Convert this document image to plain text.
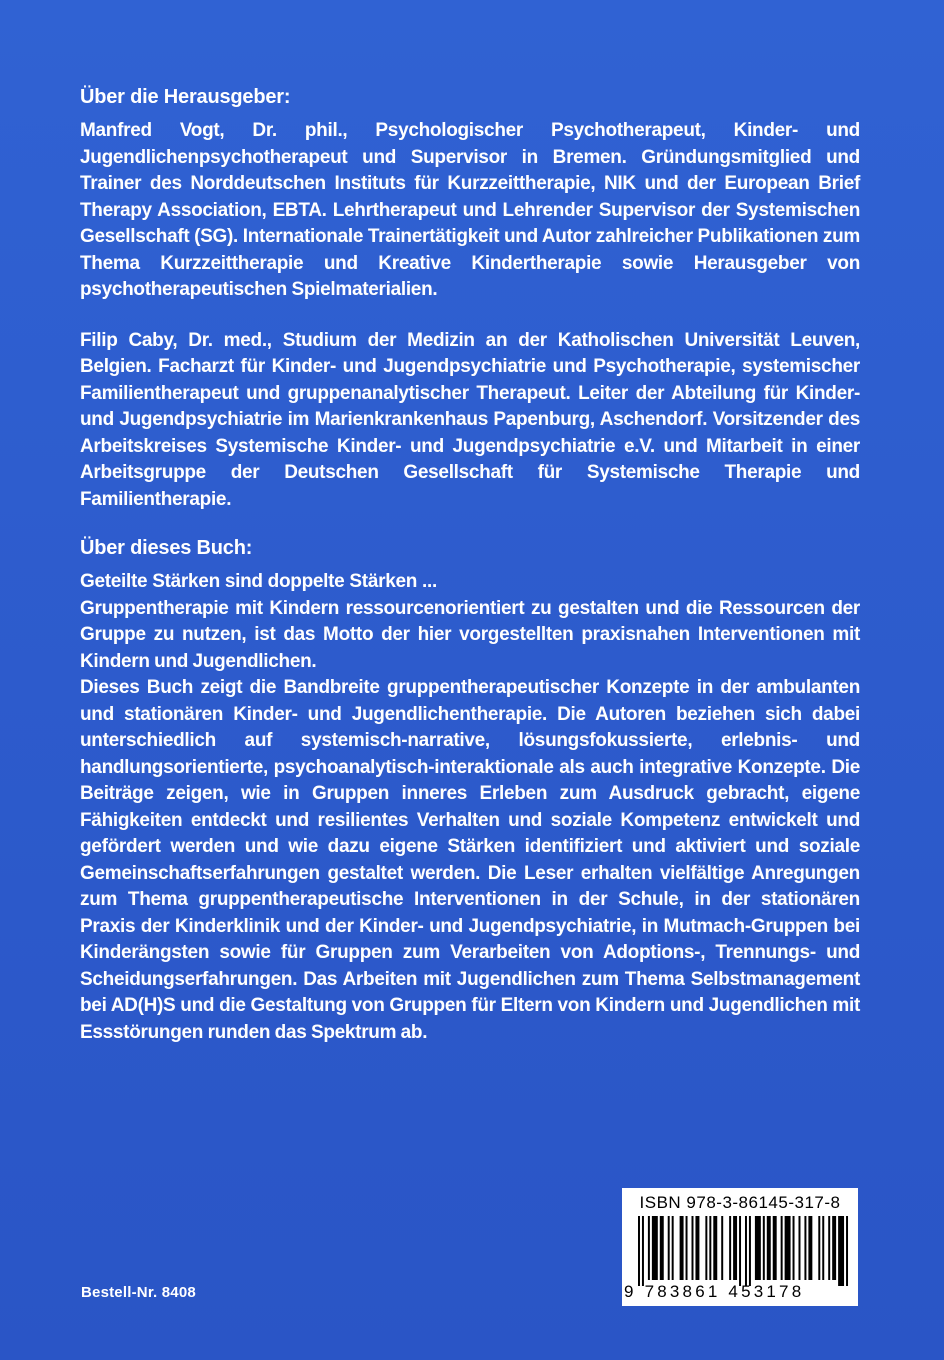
Über die Herausgeber:

Manfred Vogt, Dr. phil., Psychologischer Psychotherapeut, Kinder- und Jugendlichenpsychotherapeut und Supervisor in Bremen. Gründungsmitglied und Trainer des Norddeutschen Instituts für Kurzzeittherapie, NIK und der European Brief Therapy Association, EBTA. Lehrtherapeut und Lehrender Supervisor der Systemischen Gesellschaft (SG). Internationale Trainertätigkeit und Autor zahlreicher Publikationen zum Thema Kurzzeittherapie und Kreative Kindertherapie sowie Herausgeber von psychotherapeutischen Spielmaterialien.

Filip Caby, Dr. med., Studium der Medizin an der Katholischen Universität Leuven, Belgien. Facharzt für Kinder- und Jugendpsychiatrie und Psychotherapie, systemischer Familientherapeut und gruppenanalytischer Therapeut. Leiter der Abteilung für Kinder- und Jugendpsychiatrie im Marienkrankenhaus Papenburg, Aschendorf. Vorsitzender des Arbeitskreises Systemische Kinder- und Jugendpsychiatrie e.V. und Mitarbeit in einer Arbeitsgruppe der Deutschen Gesellschaft für Systemische Therapie und Familientherapie.

Über dieses Buch:

Geteilte Stärken sind doppelte Stärken ...

Gruppentherapie mit Kindern ressourcenorientiert zu gestalten und die Ressourcen der Gruppe zu nutzen, ist das Motto der hier vorgestellten praxisnahen Interventionen mit Kindern und Jugendlichen.

Dieses Buch zeigt die Bandbreite gruppentherapeutischer Konzepte in der ambulanten und stationären Kinder- und Jugendlichentherapie. Die Autoren beziehen sich dabei unterschiedlich auf systemisch-narrative, lösungsfokussierte, erlebnis- und handlungsorientierte, psychoanalytisch-interaktionale als auch integrative Konzepte. Die Beiträge zeigen, wie in Gruppen inneres Erleben zum Ausdruck gebracht, eigene Fähigkeiten entdeckt und resilientes Verhalten und soziale Kompetenz entwickelt und gefördert werden und wie dazu eigene Stärken identifiziert und aktiviert und soziale Gemeinschaftserfahrungen gestaltet werden. Die Leser erhalten vielfältige Anregungen zum Thema gruppentherapeutische Interventionen in der Schule, in der stationären Praxis der Kinderklinik und der Kinder- und Jugendpsychiatrie, in Mutmach-Gruppen bei Kinderängsten sowie für Gruppen zum Verarbeiten von Adoptions-, Trennungs- und Scheidungserfahrungen. Das Arbeiten mit Jugendlichen zum Thema Selbstmanagement bei AD(H)S und die Gestaltung von Gruppen für Eltern von Kindern und Jugendlichen mit Essstörungen runden das Spektrum ab.

Bestell-Nr. 8408
ISBN 978-3-86145-317-8
9 783861 453178
